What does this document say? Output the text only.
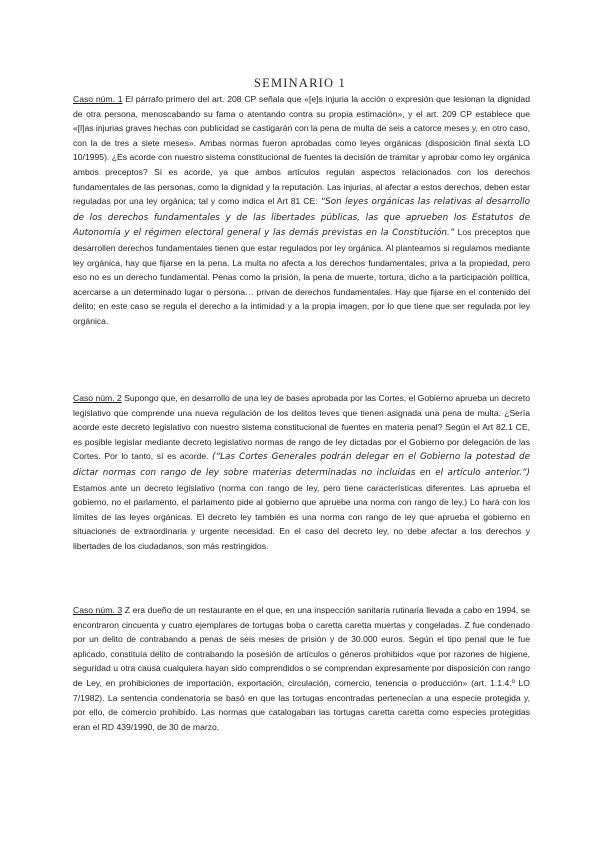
SEMINARIO 1

Caso núm. 1 El párrafo primero del art. 208 CP señala que «[e]s injuria la acción o expresión que lesionan la dignidad de otra persona, menoscabando su fama o atentando contra su propia estimación», y el art. 209 CP establece que «[l]as injurias graves hechas con publicidad se castigarán con la pena de multa de seis a catorce meses y, en otro caso, con la de tres a siete meses». Ambas normas fueron aprobadas como leyes orgánicas (disposición final sexta LO 10/1995). ¿Es acorde con nuestro sistema constitucional de fuentes la decisión de tramitar y aprobar como ley orgánica ambos preceptos? Sí es acorde, ya que ambos artículos regulan aspectos relacionados con los derechos fundamentales de las personas, como la dignidad y la reputación. Las injurias, al afectar a estos derechos, deben estar reguladas por una ley orgánica; tal y como indica el Art 81 CE: “Son leyes orgánicas las relativas al desarrollo de los derechos fundamentales y de las libertades públicas, las que aprueben los Estatutos de Autonomía y el régimen electoral general y las demás previstas en la Constitución.” Los preceptos que desarrollen derechos fundamentales tienen que estar regulados por ley orgánica. Al plantearnos si regulamos mediante ley orgánica, hay que fijarse en la pena. La multa no afecta a los derechos fundamentales; priva a la propiedad, pero eso no es un derecho fundamental. Penas como la prisión, la pena de muerte, tortura, dicho a la participación política, acercarse a un determinado lugar o persona… privan de derechos fundamentales. Hay que fijarse en el contenido del delito; en este caso se regula el derecho a la intimidad y a la propia imagen, por lo que tiene que ser regulada por ley orgánica.

Caso núm. 2 Supongo que, en desarrollo de una ley de bases aprobada por las Cortes, el Gobierno aprueba un decreto legislativo que comprende una nueva regulación de los delitos leves que tienen asignada una pena de multa. ¿Sería acorde este decreto legislativo con nuestro sistema constitucional de fuentes en materia penal? Según el Art 82.1 CE, es posible legislar mediante decreto legislativo normas de rango de ley dictadas por el Gobierno por delegación de las Cortes. Por lo tanto, sí es acorde. (“Las Cortes Generales podrán delegar en el Gobierno la potestad de dictar normas con rango de ley sobre materias determinadas no incluidas en el artículo anterior.”) Estamos ante un decreto legislativo (norma con rango de ley, pero tiene características diferentes. Las aprueba el gobierno, no el parlamento, el parlamento pide al gobierno que apruebe una norma con rango de ley.) Lo hará con los límites de las leyes orgánicas. El decreto ley también es una norma con rango de ley que aprueba el gobierno en situaciones de extraordinaria y urgente necesidad. En el caso del decreto ley, no debe afectar a los derechos y libertades de los ciudadanos, son más restringidos.

Caso núm. 3 Z era dueño de un restaurante en el que, en una inspección sanitaria rutinaria llevada a cabo en 1994, se encontraron cincuenta y cuatro ejemplares de tortugas boba o caretta caretta muertas y congeladas. Z fue condenado por un delito de contrabando a penas de seis meses de prisión y de 30.000 euros. Según el tipo penal que le fue aplicado, constituía delito de contrabando la posesión de artículos o géneros prohibidos «que por razones de higiene, seguridad u otra causa cualquiera hayan sido comprendidos o se comprendan expresamente por disposición con rango de Ley, en prohibiciones de importación, exportación, circulación, comercio, tenencia o producción» (art. 1.1.4.º LO 7/1982). La sentencia condenatoria se basó en que las tortugas encontradas pertenecían a una especie protegida y, por ello, de comercio prohibido. Las normas que catalogaban las tortugas caretta caretta como especies protegidas eran el RD 439/1990, de 30 de marzo,
